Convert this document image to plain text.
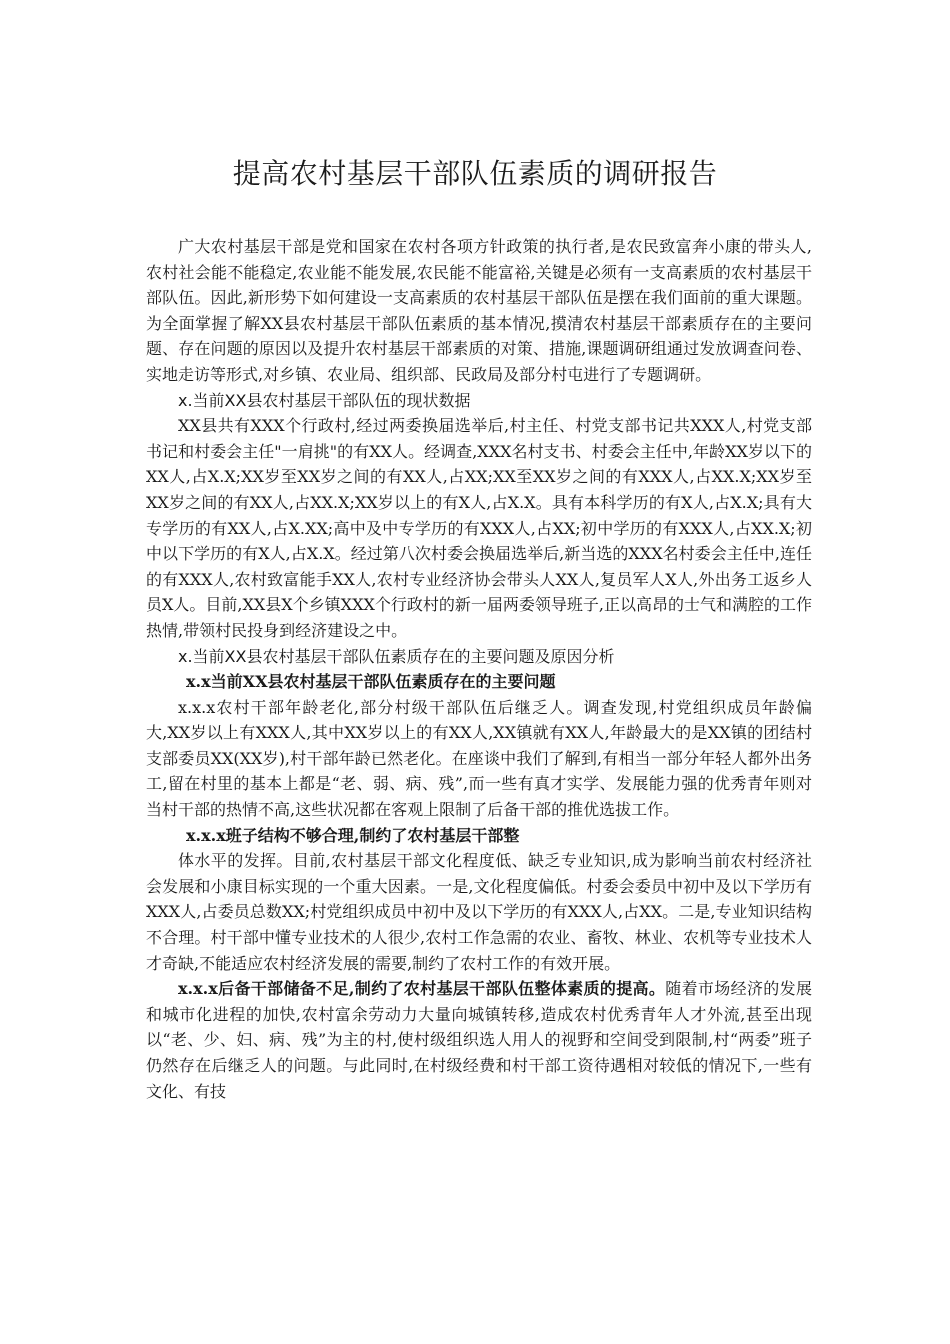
提高农村基层干部队伍素质的调研报告

广大农村基层干部是党和国家在农村各项方针政策的执行者,是农民致富奔小康的带头人,农村社会能不能稳定,农业能不能发展,农民能不能富裕,关键是必须有一支高素质的农村基层干部队伍。因此,新形势下如何建设一支高素质的农村基层干部队伍是摆在我们面前的重大课题。为全面掌握了解XX县农村基层干部队伍素质的基本情况,摸清农村基层干部素质存在的主要问题、存在问题的原因以及提升农村基层干部素质的对策、措施,课题调研组通过发放调查问卷、实地走访等形式,对乡镇、农业局、组织部、民政局及部分村屯进行了专题调研。

x.当前XX县农村基层干部队伍的现状数据

XX县共有XXX个行政村,经过两委换届选举后,村主任、村党支部书记共XXX人,村党支部书记和村委会主任"一肩挑"的有XX人。经调查,XXX名村支书、村委会主任中,年龄XX岁以下的XX人,占X.X;XX岁至XX岁之间的有XX人,占XX;XX至XX岁之间的有XXX人,占XX.X;XX岁至XX岁之间的有XX人,占XX.X;XX岁以上的有X人,占X.X。具有本科学历的有X人,占X.X;具有大专学历的有XX人,占X.XX;高中及中专学历的有XXX人,占XX;初中学历的有XXX人,占XX.X;初中以下学历的有X人,占X.X。经过第八次村委会换届选举后,新当选的XXX名村委会主任中,连任的有XXX人,农村致富能手XX人,农村专业经济协会带头人XX人,复员军人X人,外出务工返乡人员X人。目前,XX县X个乡镇XXX个行政村的新一届两委领导班子,正以高昂的士气和满腔的工作热情,带领村民投身到经济建设之中。

x.当前XX县农村基层干部队伍素质存在的主要问题及原因分析

x.x当前XX县农村基层干部队伍素质存在的主要问题

x.x.x农村干部年龄老化,部分村级干部队伍后继乏人。调查发现,村党组织成员年龄偏大,XX岁以上有XXX人,其中XX岁以上的有XX人,XX镇就有XX人,年龄最大的是XX镇的团结村支部委员XX(XX岁),村干部年龄已然老化。在座谈中我们了解到,有相当一部分年轻人都外出务工,留在村里的基本上都是“老、弱、病、残”,而一些有真才实学、发展能力强的优秀青年则对当村干部的热情不高,这些状况都在客观上限制了后备干部的推优选拔工作。

x.x.x班子结构不够合理,制约了农村基层干部整

体水平的发挥。目前,农村基层干部文化程度低、缺乏专业知识,成为影响当前农村经济社会发展和小康目标实现的一个重大因素。一是,文化程度偏低。村委会委员中初中及以下学历有XXX人,占委员总数XX;村党组织成员中初中及以下学历的有XXX人,占XX。二是,专业知识结构不合理。村干部中懂专业技术的人很少,农村工作急需的农业、畜牧、林业、农机等专业技术人才奇缺,不能适应农村经济发展的需要,制约了农村工作的有效开展。

x.x.x后备干部储备不足,制约了农村基层干部队伍整体素质的提高。随着市场经济的发展和城市化进程的加快,农村富余劳动力大量向城镇转移,造成农村优秀青年人才外流,甚至出现以“老、少、妇、病、残”为主的村,使村级组织选人用人的视野和空间受到限制,村“两委”班子仍然存在后继乏人的问题。与此同时,在村级经费和村干部工资待遇相对较低的情况下,一些有文化、有技
